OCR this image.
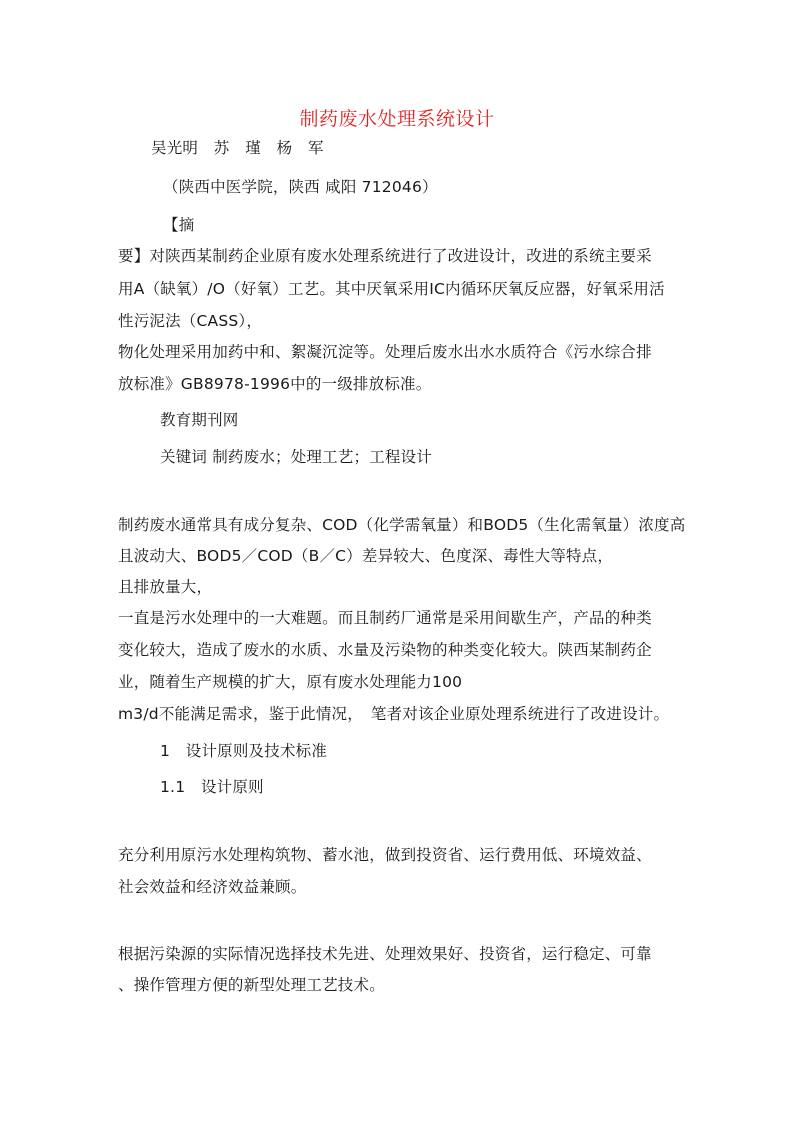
制药废水处理系统设计
吴光明　苏　瑾　杨　军
（陕西中医学院，陕西 咸阳 712046）
【摘
要】对陕西某制药企业原有废水处理系统进行了改进设计，改进的系统主要采
用A（缺氧）/O（好氧）工艺。其中厌氧采用IC内循环厌氧反应器，好氧采用活
性污泥法（CASS），
物化处理采用加药中和、絮凝沉淀等。处理后废水出水水质符合《污水综合排
放标准》GB8978-1996中的一级排放标准。
教育期刊网
关键词 制药废水；处理工艺；工程设计
制药废水通常具有成分复杂、COD（化学需氧量）和BOD5（生化需氧量）浓度高
且波动大、BOD5／COD（B／C）差异较大、色度深、毒性大等特点，
且排放量大，
一直是污水处理中的一大难题。而且制药厂通常是采用间歇生产，产品的种类
变化较大，造成了废水的水质、水量及污染物的种类变化较大。陕西某制药企
业，随着生产规模的扩大，原有废水处理能力100
m3/d不能满足需求，鉴于此情况，　笔者对该企业原处理系统进行了改进设计。
1　设计原则及技术标准
1.1　设计原则
充分利用原污水处理构筑物、蓄水池，做到投资省、运行费用低、环境效益、
社会效益和经济效益兼顾。
根据污染源的实际情况选择技术先进、处理效果好、投资省，运行稳定、可靠
、操作管理方便的新型处理工艺技术。
